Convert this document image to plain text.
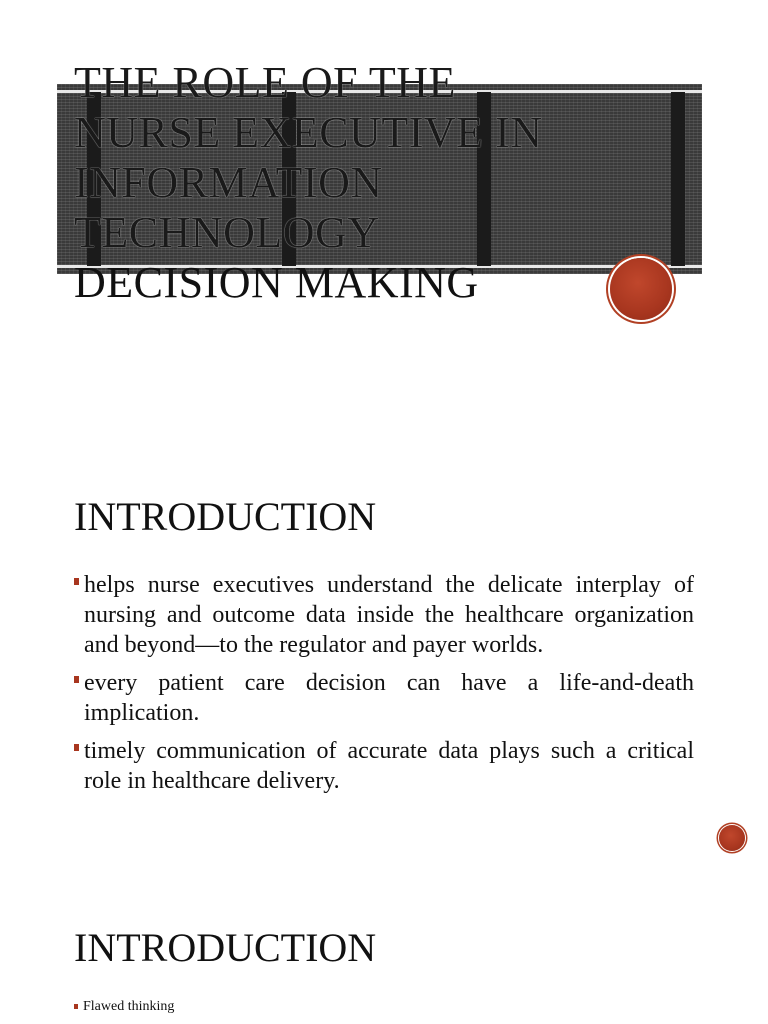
THE ROLE OF THE
NURSE EXECUTIVE IN
INFORMATION
TECHNOLOGY
DECISION MAKING
INTRODUCTION
helps nurse executives understand the delicate interplay of nursing and outcome data inside the healthcare organization and beyond—to the regulator and payer worlds.
every patient care decision can have a life-and-death implication.
timely communication of accurate data plays such a critical role in healthcare delivery.
INTRODUCTION
Flawed thinking
